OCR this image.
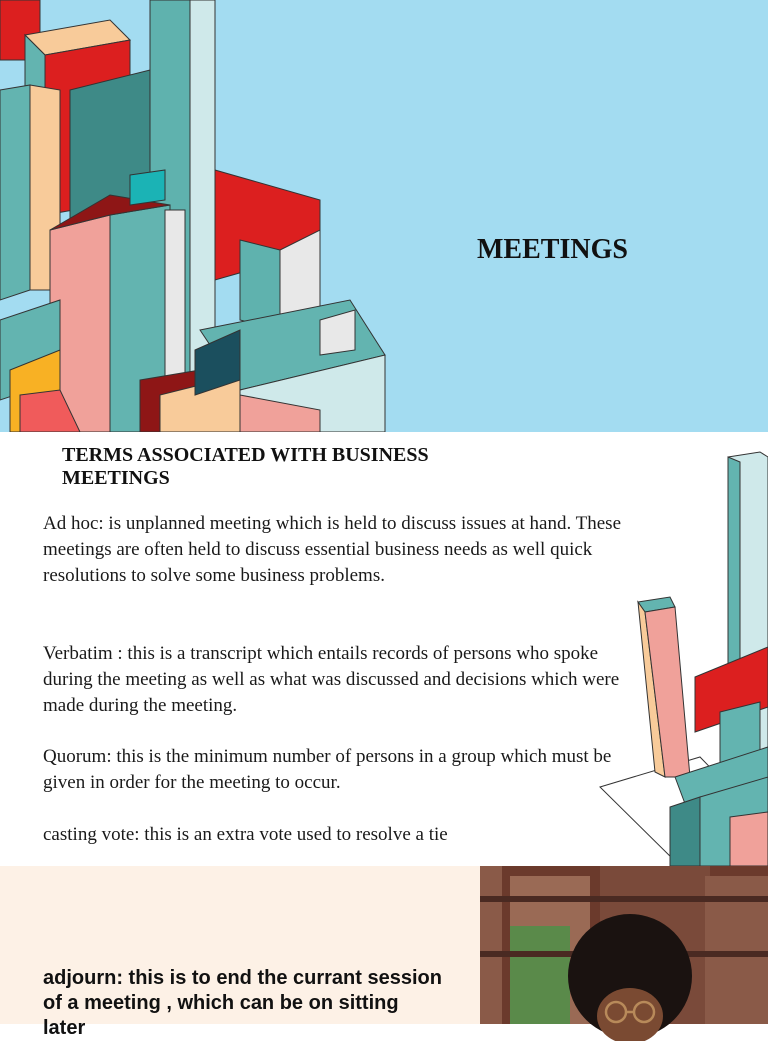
MEETINGS
TERMS ASSOCIATED WITH BUSINESS MEETINGS

Ad hoc: is unplanned meeting which is held to discuss issues at hand. These meetings are often held to discuss essential business needs as well quick resolutions to solve some business problems.

Verbatim : this is a transcript which entails records of persons who spoke during the meeting as well as what was discussed and decisions which were made during the meeting.

Quorum: this is the minimum number of persons in a group which must be given in order for the meeting to occur.

casting vote: this is an extra vote used to resolve a tie

adjourn: this is to end the currant session of a meeting , which can be on sitting later
